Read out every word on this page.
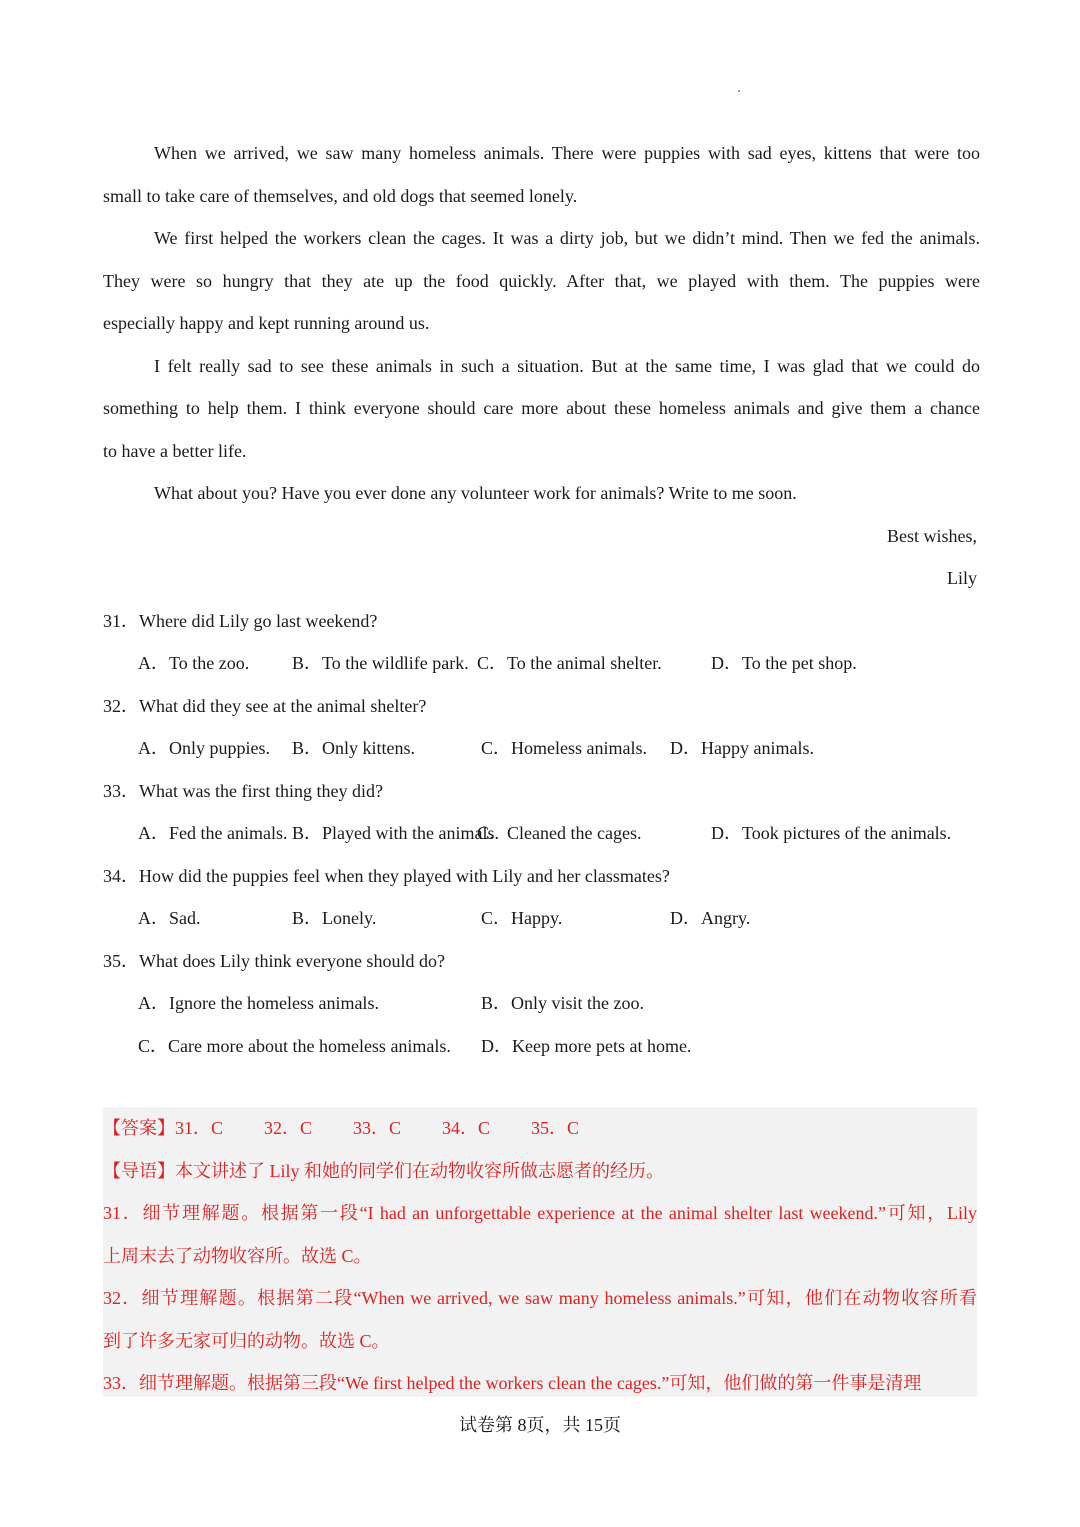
When we arrived, we saw many homeless animals. There were puppies with sad eyes, kittens that were too
small to take care of themselves, and old dogs that seemed lonely.
We first helped the workers clean the cages. It was a dirty job, but we didn’t mind. Then we fed the animals.
They were so hungry that they ate up the food quickly. After that, we played with them. The puppies were
especially happy and kept running around us.
I felt really sad to see these animals in such a situation. But at the same time, I was glad that we could do
something to help them. I think everyone should care more about these homeless animals and give them a chance
to have a better life.
What about you? Have you ever done any volunteer work for animals? Write to me soon.
Best wishes,
Lily
31．Where did Lily go last weekend?
A．To the zoo.	B．To the wildlife park. C．To the animal shelter.	D．To the pet shop.
32．What did they see at the animal shelter?
A．Only puppies.	B．Only kittens.	C．Homeless animals.	D．Happy animals.
33．What was the first thing they did?
A．Fed the animals. B．Played with the animals.
C．Cleaned the cages.	D．Took pictures of the animals.
34．How did the puppies feel when they played with Lily and her classmates?
A．Sad.	B．Lonely.	C．Happy.	D．Angry.
35．What does Lily think everyone should do?
A．Ignore the homeless animals.	B．Only visit the zoo.
C．Care more about the homeless animals.	D．Keep more pets at home.
【答案】31．C 32．C 33．C 34．C 35．C
【导语】本文讲述了 Lily 和她的同学们在动物收容所做志愿者的经历。
31．细节理解题。根据第一段“I had an unforgettable experience at the animal shelter last weekend.”可知，Lily
上周末去了动物收容所。故选 C。
32．细节理解题。根据第二段“When we arrived, we saw many homeless animals.”可知，他们在动物收容所看
到了许多无家可归的动物。故选 C。
33．细节理解题。根据第三段“We first helped the workers clean the cages.”可知，他们做的第一件事是清理
试卷第 8页，共 15页
